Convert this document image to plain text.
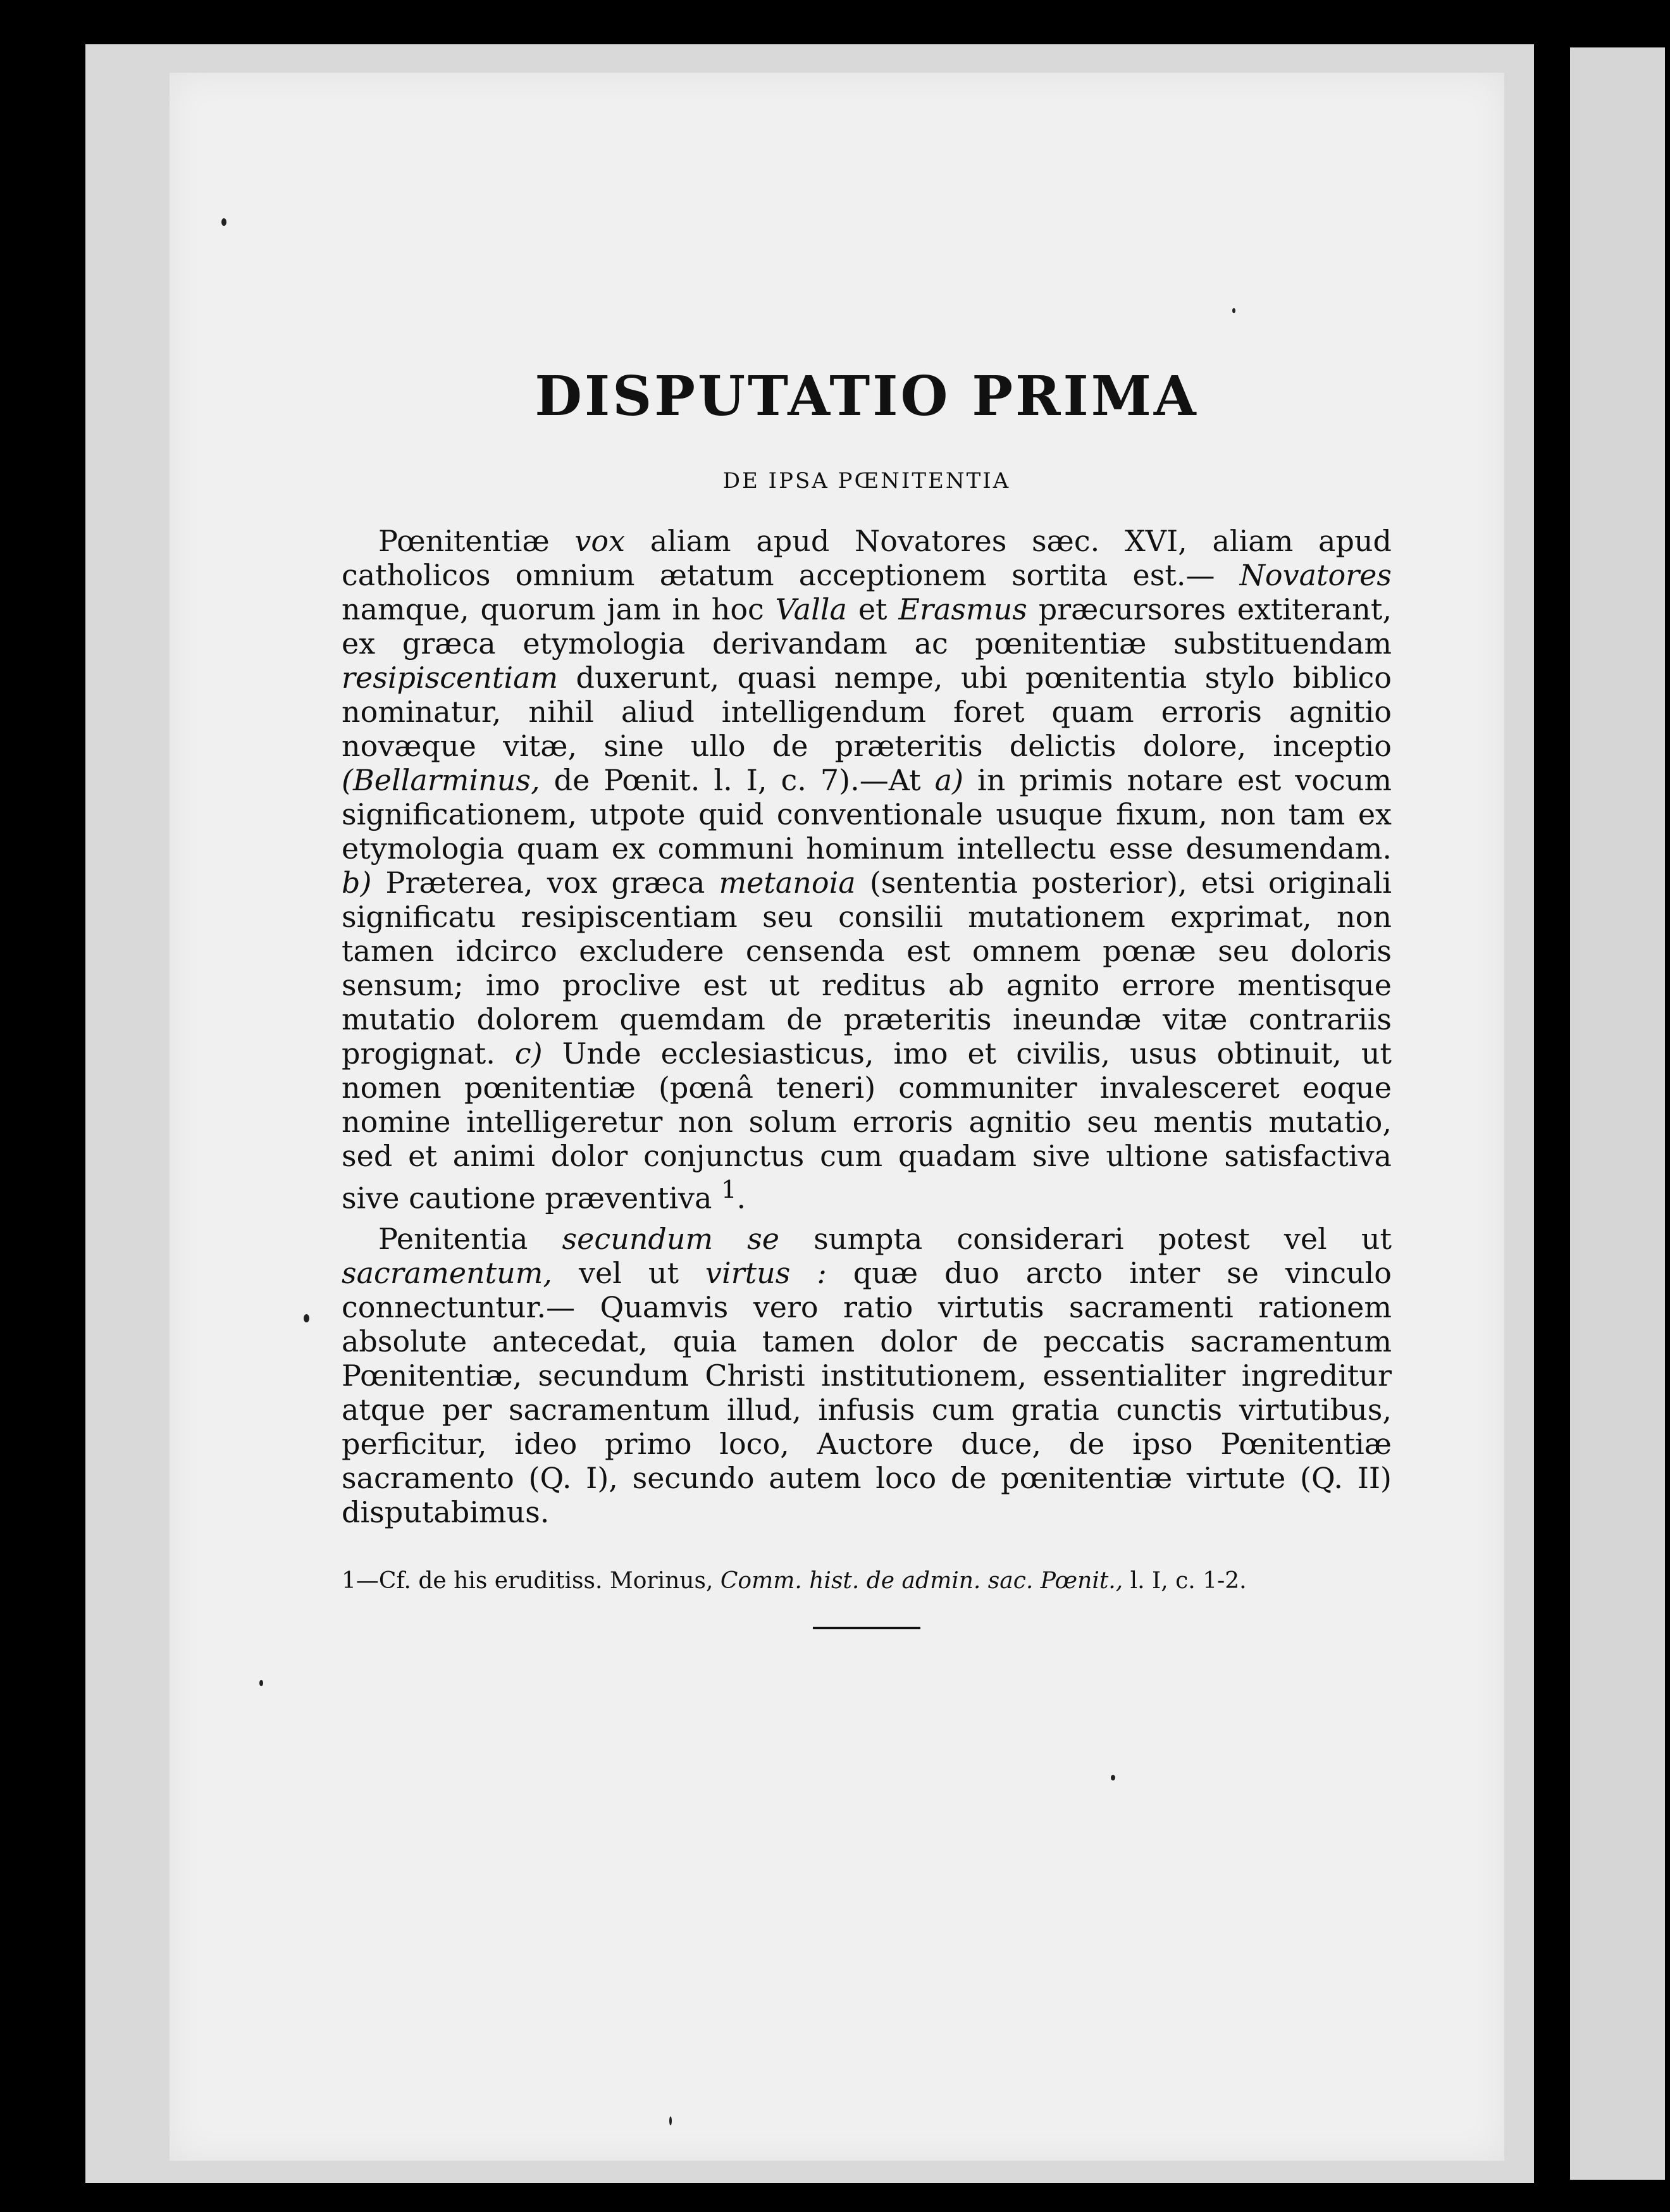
DISPUTATIO PRIMA
DE IPSA PŒNITENTIA

Pœnitentiæ vox aliam apud Novatores sæc. XVI, aliam apud catholicos omnium ætatum acceptionem sortita est.— Novatores namque, quorum jam in hoc Valla et Erasmus præcursores extiterant, ex græca etymologia derivandam ac pœnitentiæ substituendam resipiscentiam duxerunt, quasi nempe, ubi pœnitentia stylo biblico nominatur, nihil aliud intelligendum foret quam erroris agnitio novæque vitæ, sine ullo de præteritis delictis dolore, inceptio (Bellarminus, de Pœnit. l. I, c. 7).—At a) in primis notare est vocum significationem, utpote quid conventionale usuque fixum, non tam ex etymologia quam ex communi hominum intellectu esse desumendam. b) Præterea, vox græca metanoia (sententia posterior), etsi originali significatu resipiscentiam seu consilii mutationem exprimat, non tamen idcirco excludere censenda est omnem pœnæ seu doloris sensum; imo proclive est ut reditus ab agnito errore mentisque mutatio dolorem quemdam de præteritis ineundæ vitæ contrariis progignat. c) Unde ecclesiasticus, imo et civilis, usus obtinuit, ut nomen pœnitentiæ (pœnâ teneri) communiter invalesceret eoque nomine intelligeretur non solum erroris agnitio seu mentis mutatio, sed et animi dolor conjunctus cum quadam sive ultione satisfactiva sive cautione præventiva $^1$.

Penitentia secundum se sumpta considerari potest vel ut sacramentum, vel ut virtus : quæ duo arcto inter se vinculo connectuntur.— Quamvis vero ratio virtutis sacramenti rationem absolute antecedat, quia tamen dolor de peccatis sacramentum Pœnitentiæ, secundum Christi institutionem, essentialiter ingreditur atque per sacramentum illud, infusis cum gratia cunctis virtutibus, perficitur, ideo primo loco, Auctore duce, de ipso Pœnitentiæ sacramento (Q. I), secundo autem loco de pœnitentiæ virtute (Q. II) disputabimus.

1—Cf. de his eruditiss. Morinus, Comm. hist. de admin. sac. Pœnit., l. I, c. 1-2.
